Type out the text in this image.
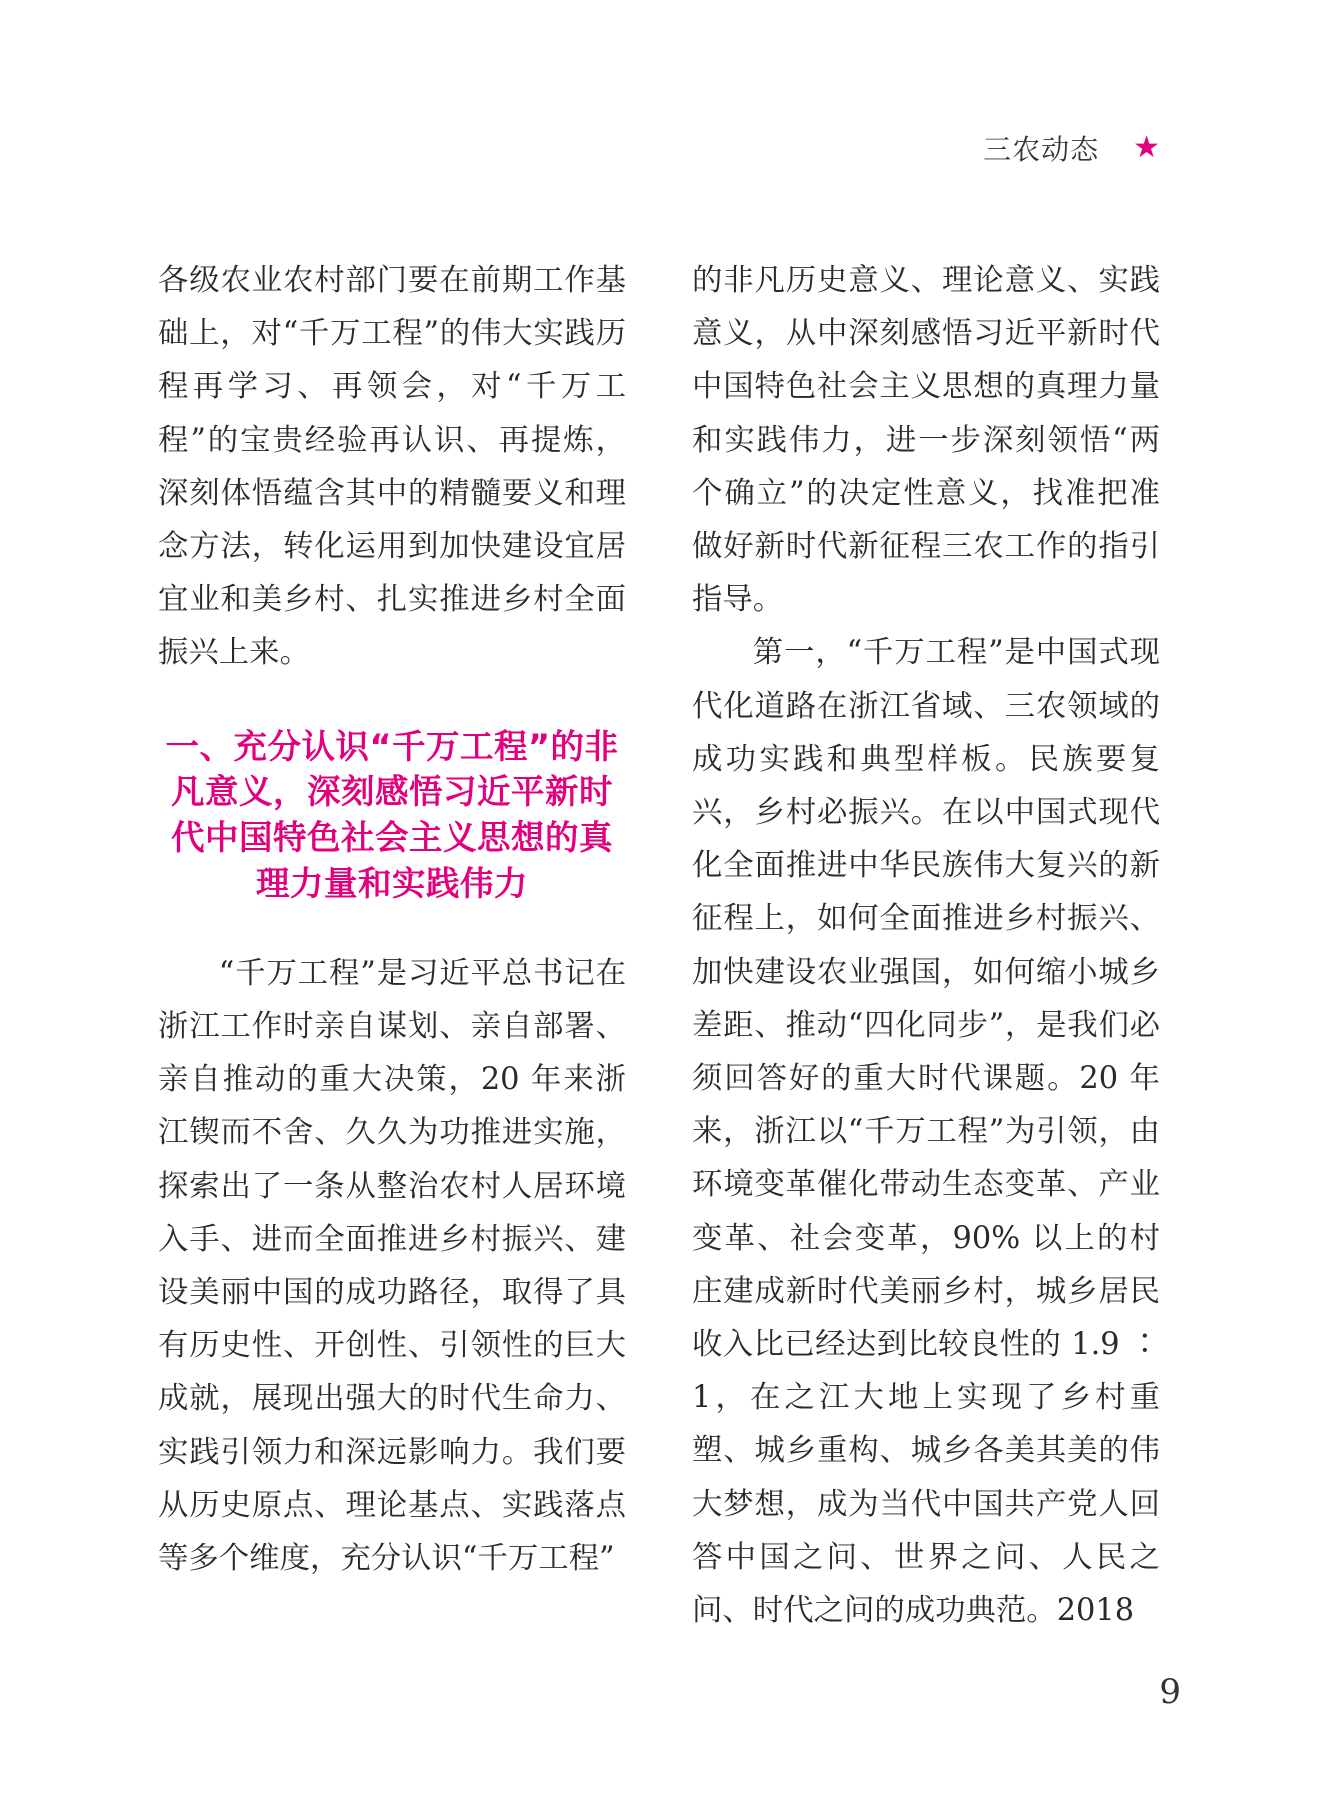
三农动态 ★

各级农业农村部门要在前期工作基础上，对“千万工程”的伟大实践历程再学习、再领会，对“千万工程”的宝贵经验再认识、再提炼，深刻体悟蕴含其中的精髓要义和理念方法，转化运用到加快建设宜居宜业和美乡村、扎实推进乡村全面振兴上来。

一、充分认识“千万工程”的非凡意义，深刻感悟习近平新时代中国特色社会主义思想的真理力量和实践伟力

“千万工程”是习近平总书记在浙江工作时亲自谋划、亲自部署、亲自推动的重大决策，20 年来浙江锲而不舍、久久为功推进实施，探索出了一条从整治农村人居环境入手、进而全面推进乡村振兴、建设美丽中国的成功路径，取得了具有历史性、开创性、引领性的巨大成就，展现出强大的时代生命力、实践引领力和深远影响力。我们要从历史原点、理论基点、实践落点等多个维度，充分认识“千万工程”

的非凡历史意义、理论意义、实践意义，从中深刻感悟习近平新时代中国特色社会主义思想的真理力量和实践伟力，进一步深刻领悟“两个确立”的决定性意义，找准把准做好新时代新征程三农工作的指引指导。

第一，“千万工程”是中国式现代化道路在浙江省域、三农领域的成功实践和典型样板。民族要复兴，乡村必振兴。在以中国式现代化全面推进中华民族伟大复兴的新征程上，如何全面推进乡村振兴、加快建设农业强国，如何缩小城乡差距、推动“四化同步”，是我们必须回答好的重大时代课题。20 年来，浙江以“千万工程”为引领，由环境变革催化带动生态变革、产业变革、社会变革，90% 以上的村庄建成新时代美丽乡村，城乡居民收入比已经达到比较良性的 1.9 ∶ 1，在之江大地上实现了乡村重塑、城乡重构、城乡各美其美的伟大梦想，成为当代中国共产党人回答中国之问、世界之问、人民之问、时代之问的成功典范。2018

9
